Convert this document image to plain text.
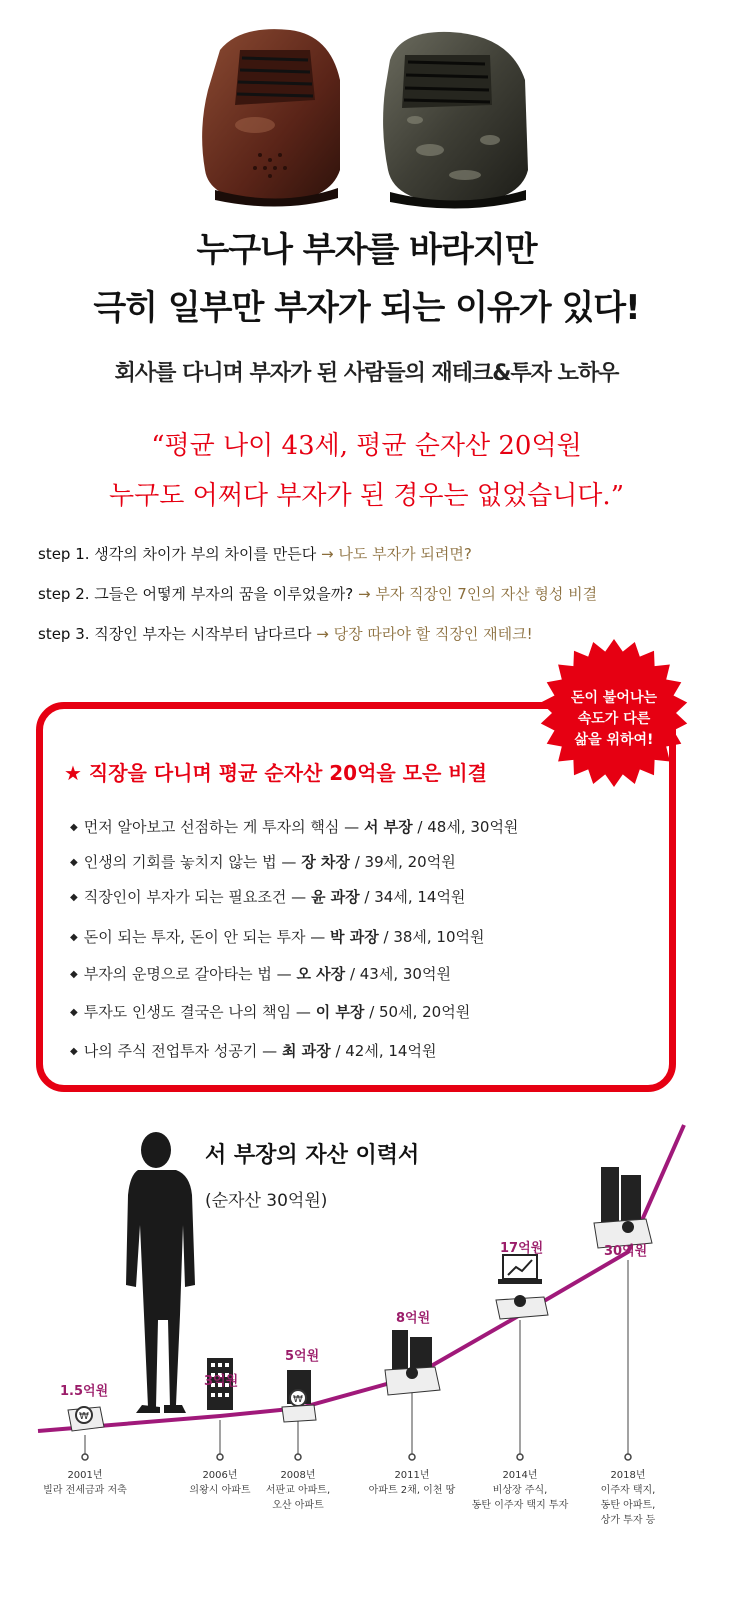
누구나 부자를 바라지만
극히 일부만 부자가 되는 이유가 있다!
회사를 다니며 부자가 된 사람들의 재테크&투자 노하우
“평균 나이 43세, 평균 순자산 20억원
누구도 어쩌다 부자가 된 경우는 없었습니다.”
step 1. 생각의 차이가 부의 차이를 만든다 → 나도 부자가 되려면?
step 2. 그들은 어떻게 부자의 꿈을 이루었을까? → 부자 직장인 7인의 자산 형성 비결
step 3. 직장인 부자는 시작부터 남다르다 → 당장 따라야 할 직장인 재테크!
★ 직장을 다니며 평균 순자산 20억을 모은 비결
◆ 먼저 알아보고 선점하는 게 투자의 핵심 — 서 부장 / 48세, 30억원
◆ 인생의 기회를 놓치지 않는 법 — 장 차장 / 39세, 20억원
◆ 직장인이 부자가 되는 필요조건 — 윤 과장 / 34세, 14억원
◆ 돈이 되는 투자, 돈이 안 되는 투자 — 박 과장 / 38세, 10억원
◆ 부자의 운명으로 갈아타는 법 — 오 사장 / 43세, 30억원
◆ 투자도 인생도 결국은 나의 책임 — 이 부장 / 50세, 20억원
◆ 나의 주식 전업투자 성공기 — 최 과장 / 42세, 14억원
돈이 불어나는
속도가 다른
삶을 위하여!
₩
₩
서 부장의 자산 이력서
(순자산 30억원)
1.5억원
3억원
5억원
8억원
17억원	30억원
2001년
빌라 전세금과 저축
2006년
의왕시 아파트
2008년
서판교 아파트,
오산 아파트
2011년
아파트 2채, 이천 땅
2014년
비상장 주식,
동탄 이주자 택지 투자
2018년
이주자 택지,
동탄 아파트,
상가 투자 등
